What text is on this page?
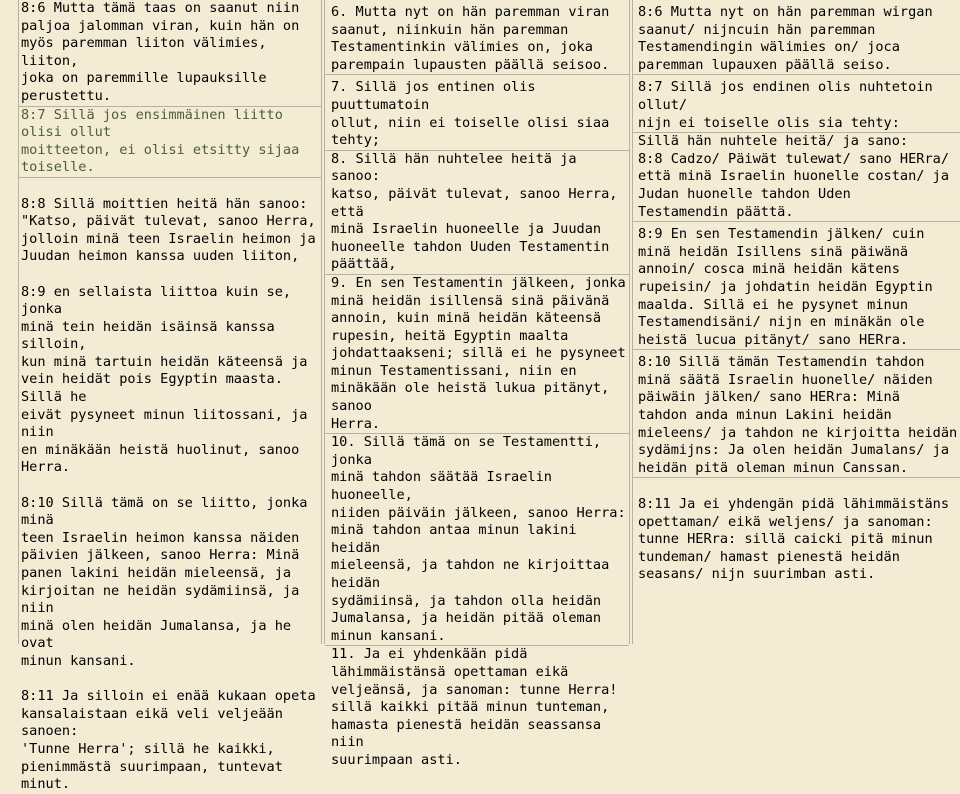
8:6 Mutta tämä taas on saanut niin
paljoa jalomman viran, kuin hän on
myös paremman liiton välimies, liiton,
joka on paremmille lupauksille
perustettu.

8:7 Sillä jos ensimmäinen liitto olisi ollut
moitteeton, ei olisi etsitty sijaa toiselle.

8:8 Sillä moittien heitä hän sanoo:
"Katso, päivät tulevat, sanoo Herra,
jolloin minä teen Israelin heimon ja
Juudan heimon kanssa uuden liiton,

8:9 en sellaista liittoa kuin se, jonka
minä tein heidän isäinsä kanssa silloin,
kun minä tartuin heidän käteensä ja
vein heidät pois Egyptin maasta. Sillä he
eivät pysyneet minun liitossani, ja niin
en minäkään heistä huolinut, sanoo
Herra.

8:10 Sillä tämä on se liitto, jonka minä
teen Israelin heimon kanssa näiden
päivien jälkeen, sanoo Herra: Minä
panen lakini heidän mieleensä, ja
kirjoitan ne heidän sydämiinsä, ja niin
minä olen heidän Jumalansa, ja he ovat
minun kansani.

8:11 Ja silloin ei enää kukaan opeta
kansalaistaan eikä veli veljeään sanoen:
'Tunne Herra'; sillä he kaikki,
pienimmästä suurimpaan, tuntevat
minut.

6. Mutta nyt on hän paremman viran
saanut, niinkuin hän paremman
Testamentinkin välimies on, joka
parempain lupausten päällä seisoo.

7. Sillä jos entinen olis puuttumatoin
ollut, niin ei toiselle olisi siaa tehty;

8. Sillä hän nuhtelee heitä ja sanoo:
katso, päivät tulevat, sanoo Herra, että
minä Israelin huoneelle ja Juudan
huoneelle tahdon Uuden Testamentin
päättää,

9. En sen Testamentin jälkeen, jonka
minä heidän isillensä sinä päivänä
annoin, kuin minä heidän käteensä
rupesin, heitä Egyptin maalta
johdattaakseni; sillä ei he pysyneet
minun Testamentissani, niin en
minäkään ole heistä lukua pitänyt, sanoo
Herra.

10. Sillä tämä on se Testamentti, jonka
minä tahdon säätää Israelin huoneelle,
niiden päiväin jälkeen, sanoo Herra:
minä tahdon antaa minun lakini heidän
mieleensä, ja tahdon ne kirjoittaa heidän
sydämiinsä, ja tahdon olla heidän
Jumalansa, ja heidän pitää oleman
minun kansani.

11. Ja ei yhdenkään pidä
lähimmäistänsä opettaman eikä
veljeänsä, ja sanoman: tunne Herra!
sillä kaikki pitää minun tunteman,
hamasta pienestä heidän seassansa niin
suurimpaan asti.

8:6 Mutta nyt on hän paremman wirgan
saanut/ nijncuin hän paremman
Testamendingin wälimies on/ joca
paremman lupauxen päällä seiso.

8:7 Sillä jos endinen olis nuhtetoin ollut/
nijn ei toiselle olis sia tehty:

Sillä hän nuhtele heitä/ ja sano:
8:8 Cadzo/ Päiwät tulewat/ sano HERra/
että minä Israelin huonelle costan/ ja
Judan huonelle tahdon Uden
Testamendin päättä.

8:9 En sen Testamendin jälken/ cuin
minä heidän Isillens sinä päiwänä
annoin/ cosca minä heidän kätens
rupeisin/ ja johdatin heidän Egyptin
maalda. Sillä ei he pysynet minun
Testamendisäni/ nijn en minäkän ole
heistä lucua pitänyt/ sano HERra.

8:10 Sillä tämän Testamendin tahdon
minä säätä Israelin huonelle/ näiden
päiwäin jälken/ sano HERra: Minä
tahdon anda minun Lakini heidän
mieleens/ ja tahdon ne kirjoitta heidän
sydämijns: Ja olen heidän Jumalans/ ja
heidän pitä oleman minun Canssan.

8:11 Ja ei yhdengän pidä lähimmäistäns
opettaman/ eikä weljens/ ja sanoman:
tunne HERra: sillä caicki pitä minun
tundeman/ hamast pienestä heidän
seasans/ nijn suurimban asti.
